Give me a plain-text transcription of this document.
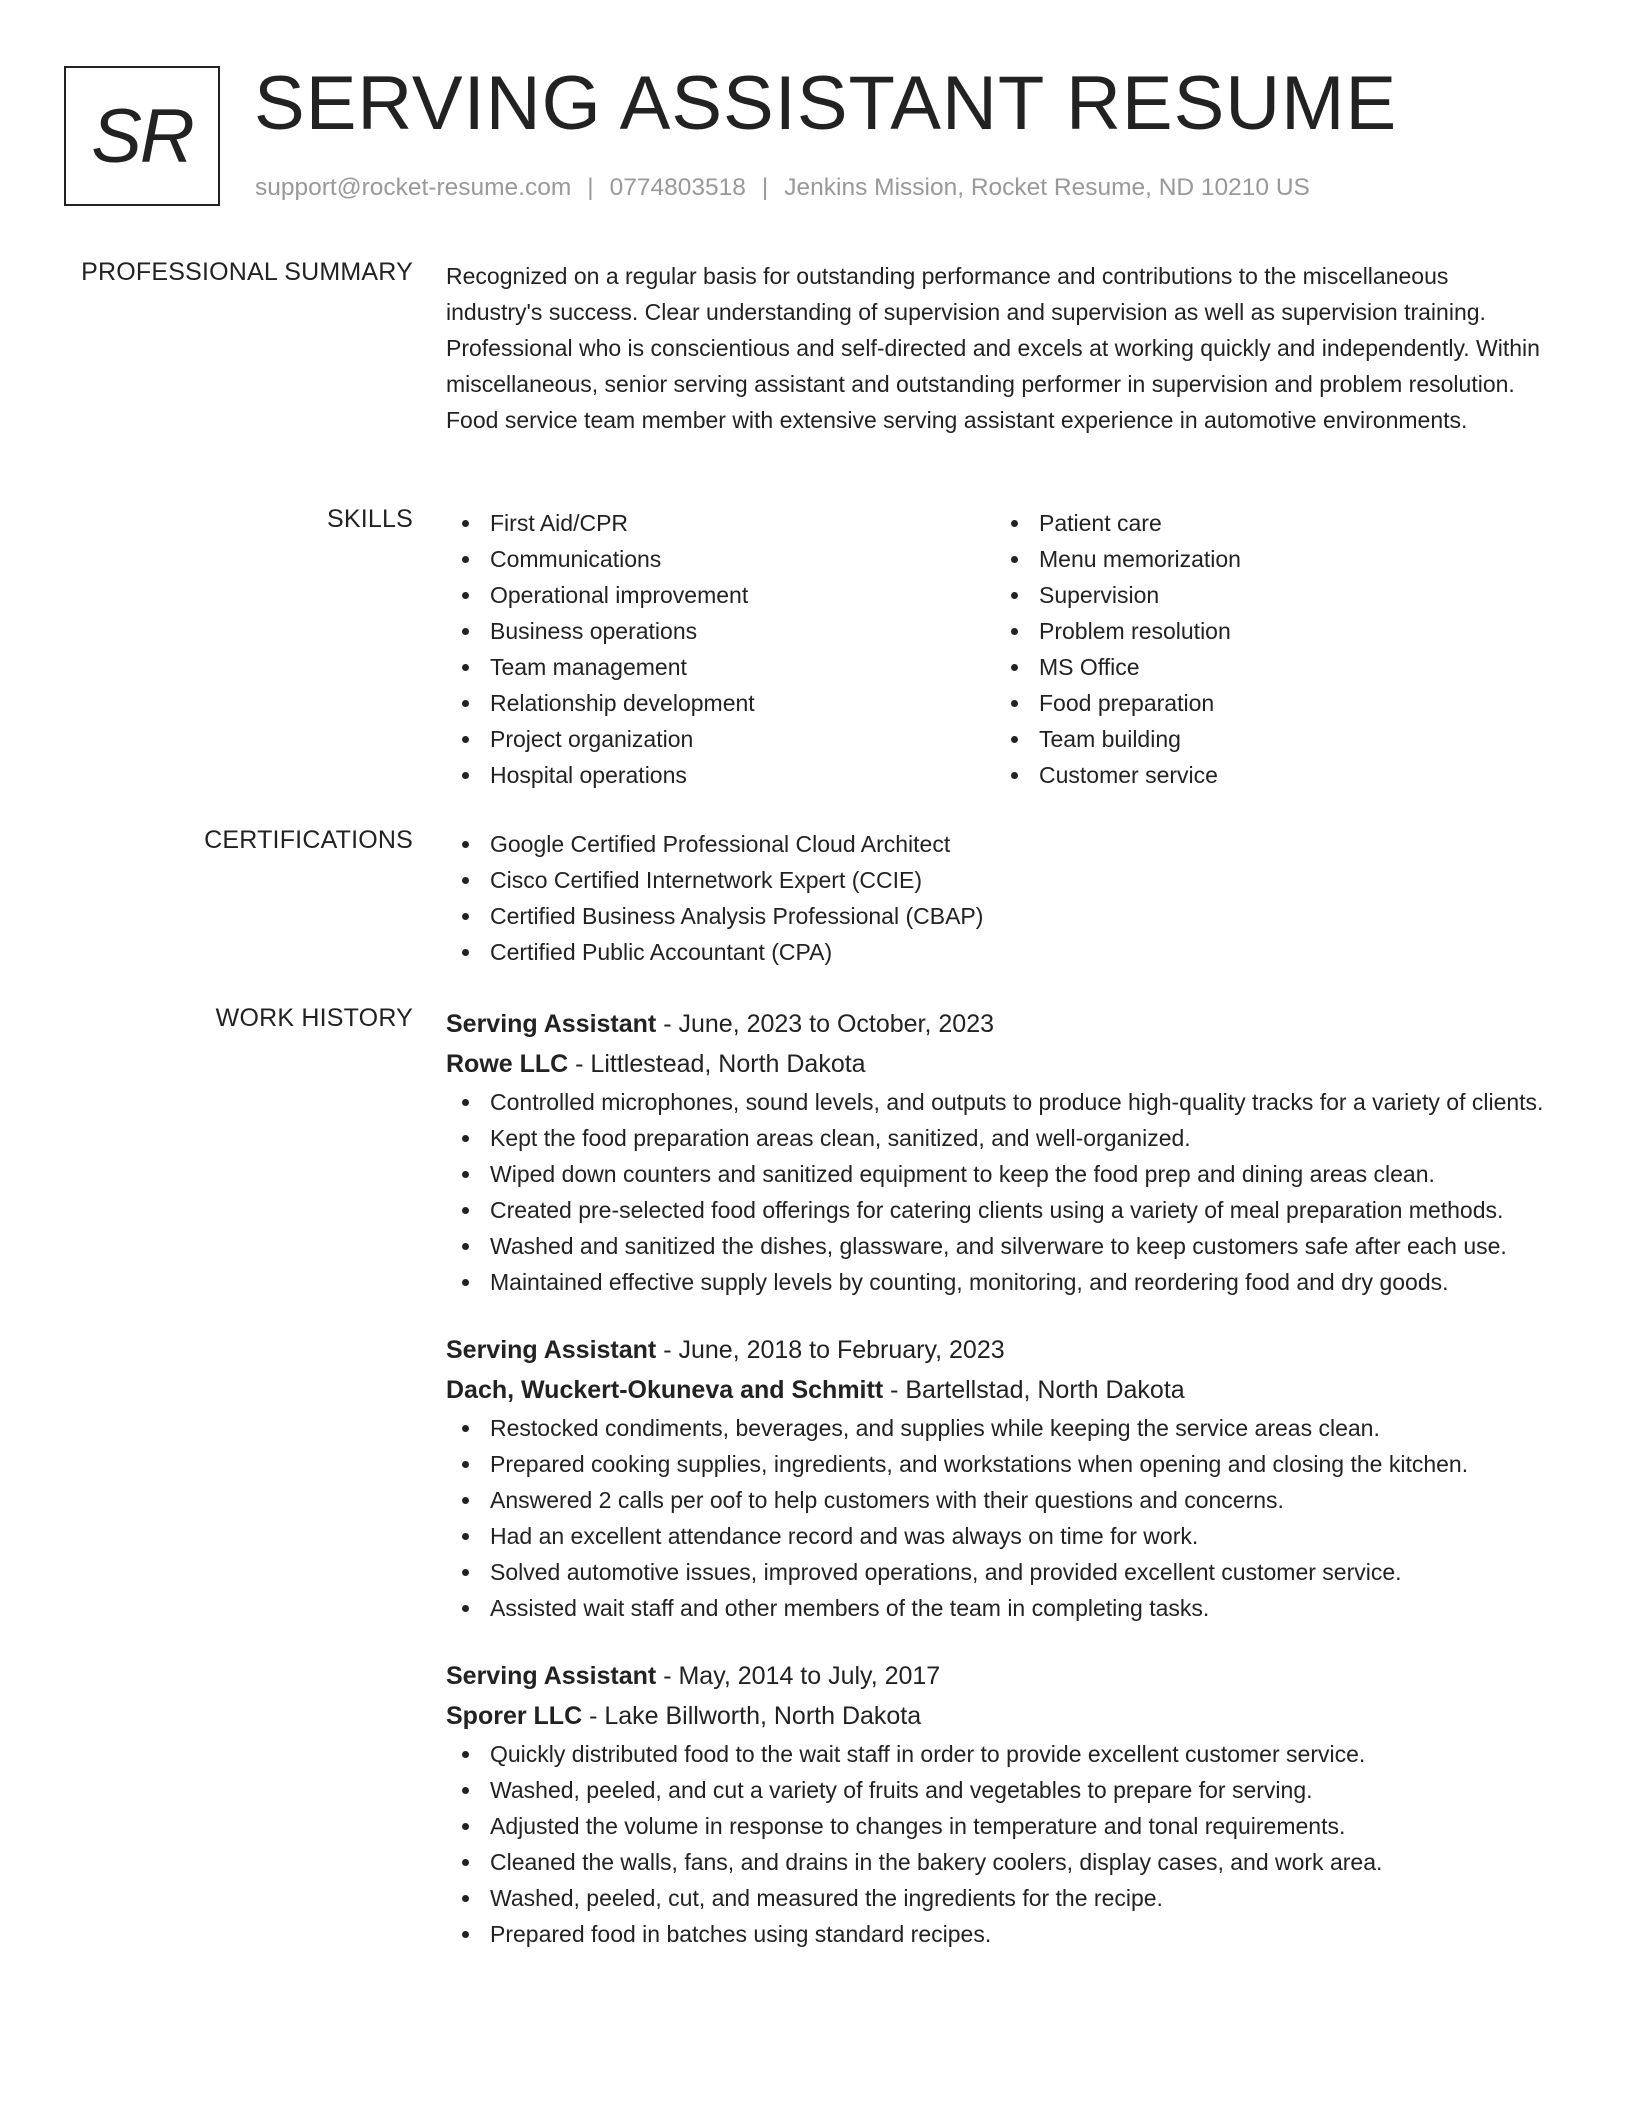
SR SERVING ASSISTANT RESUME
support@rocket-resume.com | 0774803518 | Jenkins Mission, Rocket Resume, ND 10210 US
PROFESSIONAL SUMMARY Recognized on a regular basis for outstanding performance and contributions to the miscellaneous industry's success. Clear understanding of supervision and supervision as well as supervision training. Professional who is conscientious and self-directed and excels at working quickly and independently. Within miscellaneous, senior serving assistant and outstanding performer in supervision and problem resolution. Food service team member with extensive serving assistant experience in automotive environments.
SKILLS	First Aid/CPR
Communications
Operational improvement
Business operations
Team management
Relationship development
Project organization
Hospital operations
Patient care
Menu memorization
Supervision
Problem resolution
MS Office
Food preparation
Team building
Customer service
CERTIFICATIONS	Google Certified Professional Cloud Architect
Cisco Certified Internetwork Expert (CCIE)
Certified Business Analysis Professional (CBAP)
Certified Public Accountant (CPA)
WORK HISTORY Serving Assistant - June, 2023 to October, 2023
Rowe LLC - Littlestead, North Dakota
Controlled microphones, sound levels, and outputs to produce high-quality tracks for a variety of clients.
Kept the food preparation areas clean, sanitized, and well-organized.
Wiped down counters and sanitized equipment to keep the food prep and dining areas clean.
Created pre-selected food offerings for catering clients using a variety of meal preparation methods.
Washed and sanitized the dishes, glassware, and silverware to keep customers safe after each use.
Maintained effective supply levels by counting, monitoring, and reordering food and dry goods.
Serving Assistant - June, 2018 to February, 2023
Dach, Wuckert-Okuneva and Schmitt - Bartellstad, North Dakota
Restocked condiments, beverages, and supplies while keeping the service areas clean.
Prepared cooking supplies, ingredients, and workstations when opening and closing the kitchen.
Answered 2 calls per oof to help customers with their questions and concerns.
Had an excellent attendance record and was always on time for work.
Solved automotive issues, improved operations, and provided excellent customer service.
Assisted wait staff and other members of the team in completing tasks.
Serving Assistant - May, 2014 to July, 2017
Sporer LLC - Lake Billworth, North Dakota
Quickly distributed food to the wait staff in order to provide excellent customer service.
Washed, peeled, and cut a variety of fruits and vegetables to prepare for serving.
Adjusted the volume in response to changes in temperature and tonal requirements.
Cleaned the walls, fans, and drains in the bakery coolers, display cases, and work area.
Washed, peeled, cut, and measured the ingredients for the recipe.
Prepared food in batches using standard recipes.
